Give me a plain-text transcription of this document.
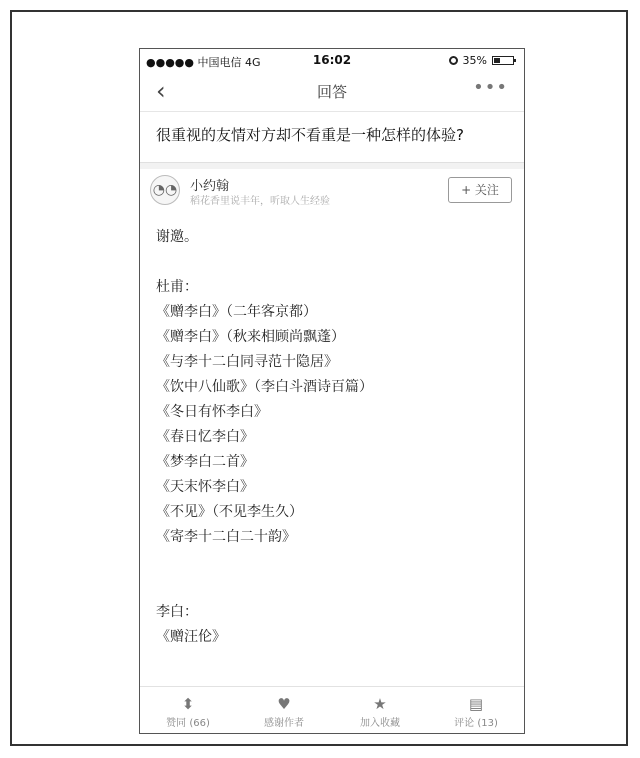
●●●●● 中国电信 4G	16:02	35%
‹	回答	•••
很重视的友情对方却不看重是一种怎样的体验?
◔◔ 小约翰
稻花香里说丰年，听取人生经验
+ 关注
谢邀。
杜甫：
《赠李白》（二年客京都）
《赠李白》（秋来相顾尚飘蓬）
《与李十二白同寻范十隐居》
《饮中八仙歌》（李白斗酒诗百篇）
《冬日有怀李白》
《春日忆李白》
《梦李白二首》
《天末怀李白》
《不见》（不见李生久）
《寄李十二白二十韵》
李白：
《赠汪伦》
⬍
赞同 (66)
♥
感谢作者
★
加入收藏
▤
评论 (13)
